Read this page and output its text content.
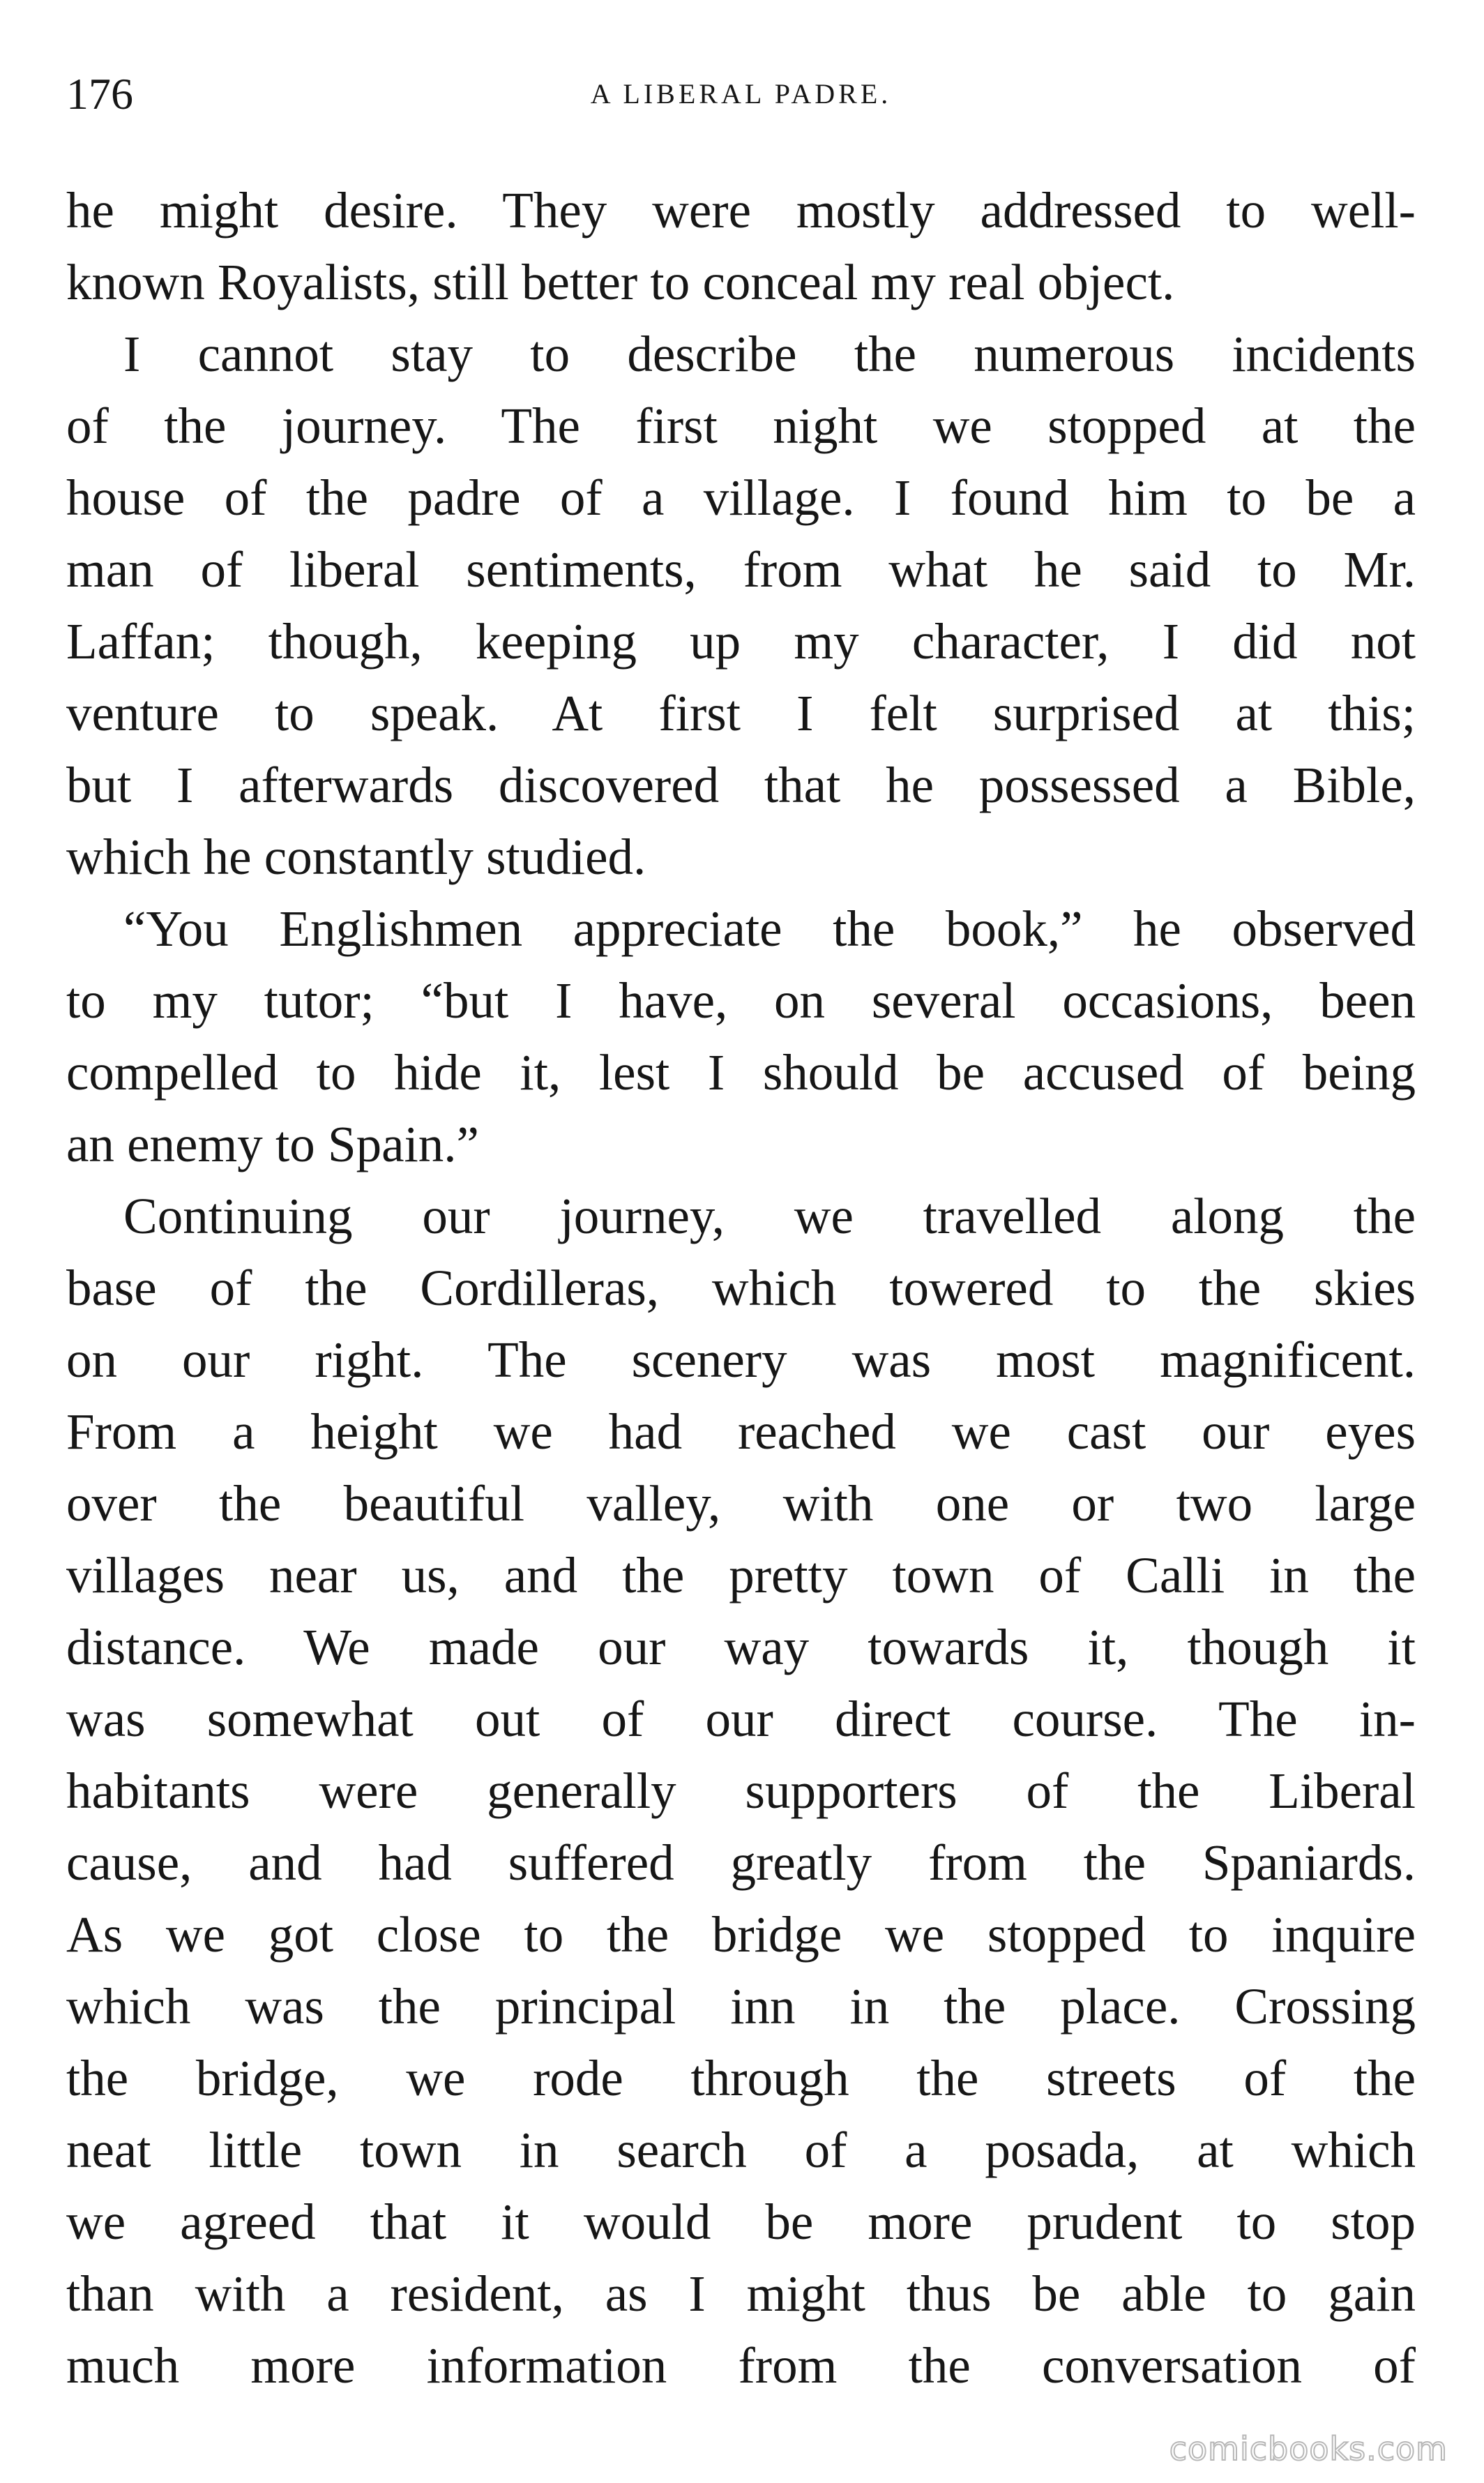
176	A LIBERAL PADRE.
he might desire. They were mostly addressed to well-
known Royalists, still better to conceal my real object.
I cannot stay to describe the numerous incidents
of the journey. The first night we stopped at the
house of the padre of a village. I found him to be a
man of liberal sentiments, from what he said to Mr.
Laffan; though, keeping up my character, I did not
venture to speak. At first I felt surprised at this;
but I afterwards discovered that he possessed a Bible,
which he constantly studied.
“You Englishmen appreciate the book,” he observed
to my tutor; “but I have, on several occasions, been
compelled to hide it, lest I should be accused of being
an enemy to Spain.”
Continuing our journey, we travelled along the
base of the Cordilleras, which towered to the skies
on our right. The scenery was most magnificent.
From a height we had reached we cast our eyes
over the beautiful valley, with one or two large
villages near us, and the pretty town of Calli in the
distance. We made our way towards it, though it
was somewhat out of our direct course. The in-
habitants were generally supporters of the Liberal
cause, and had suffered greatly from the Spaniards.
As we got close to the bridge we stopped to inquire
which was the principal inn in the place. Crossing
the bridge, we rode through the streets of the
neat little town in search of a posada, at which
we agreed that it would be more prudent to stop
than with a resident, as I might thus be able to gain
much more information from the conversation of
comicbooks.com
